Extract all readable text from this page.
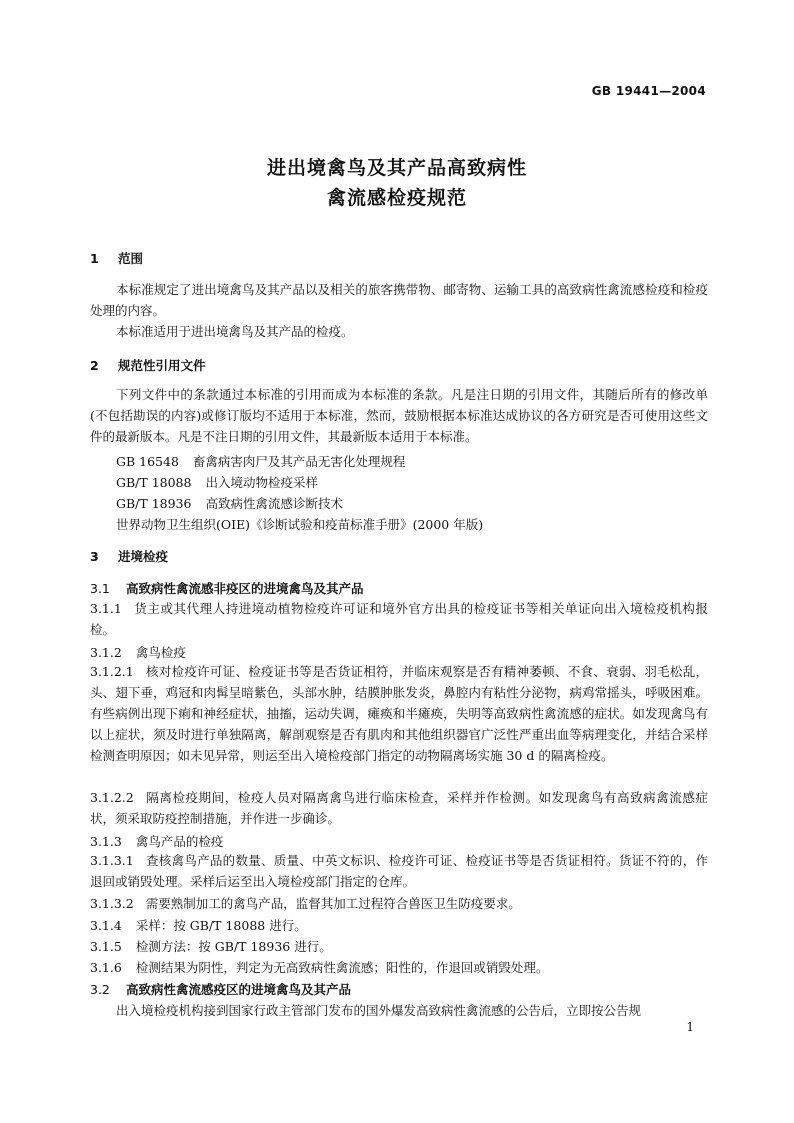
GB 19441—2004
进出境禽鸟及其产品高致病性
禽流感检疫规范
1 范围
本标准规定了进出境禽鸟及其产品以及相关的旅客携带物、邮寄物、运输工具的高致病性禽流感检疫和检疫处理的内容。
本标准适用于进出境禽鸟及其产品的检疫。
2 规范性引用文件
下列文件中的条款通过本标准的引用而成为本标准的条款。凡是注日期的引用文件，其随后所有的修改单(不包括勘误的内容)或修订版均不适用于本标准，然而，鼓励根据本标准达成协议的各方研究是否可使用这些文件的最新版本。凡是不注日期的引用文件，其最新版本适用于本标准。
GB 16548 畜禽病害肉尸及其产品无害化处理规程
GB/T 18088 出入境动物检疫采样
GB/T 18936 高致病性禽流感诊断技术
世界动物卫生组织(OIE)《诊断试验和疫苗标准手册》(2000 年版)
3 进境检疫
3.1 高致病性禽流感非疫区的进境禽鸟及其产品
3.1.1 货主或其代理人持进境动植物检疫许可证和境外官方出具的检疫证书等相关单证向出入境检疫机构报检。
3.1.2 禽鸟检疫
3.1.2.1 核对检疫许可证、检疫证书等是否货证相符，并临床观察是否有精神萎顿、不食、衰弱、羽毛松乱，头、翅下垂，鸡冠和肉髯呈暗紫色，头部水肿，结膜肿胀发炎，鼻腔内有粘性分泌物，病鸡常摇头，呼吸困难。有些病例出现下痢和神经症状，抽搐，运动失调，瘫痪和半瘫痪，失明等高致病性禽流感的症状。如发现禽鸟有以上症状，须及时进行单独隔离，解剖观察是否有肌肉和其他组织器官广泛性严重出血等病理变化，并结合采样检测查明原因；如未见异常，则运至出入境检疫部门指定的动物隔离场实施 30 d 的隔离检疫。
3.1.2.2 隔离检疫期间，检疫人员对隔离禽鸟进行临床检查，采样并作检测。如发现禽鸟有高致病禽流感症状，须采取防疫控制措施，并作进一步确诊。
3.1.3 禽鸟产品的检疫
3.1.3.1 查核禽鸟产品的数量、质量、中英文标识、检疫许可证、检疫证书等是否货证相符。货证不符的，作退回或销毁处理。采样后运至出入境检疫部门指定的仓库。
3.1.3.2 需要熟制加工的禽鸟产品，监督其加工过程符合兽医卫生防疫要求。
3.1.4 采样：按 GB/T 18088 进行。
3.1.5 检测方法：按 GB/T 18936 进行。
3.1.6 检测结果为阴性，判定为无高致病性禽流感；阳性的，作退回或销毁处理。
3.2 高致病性禽流感疫区的进境禽鸟及其产品
出入境检疫机构接到国家行政主管部门发布的国外爆发高致病性禽流感的公告后，立即按公告规
1
